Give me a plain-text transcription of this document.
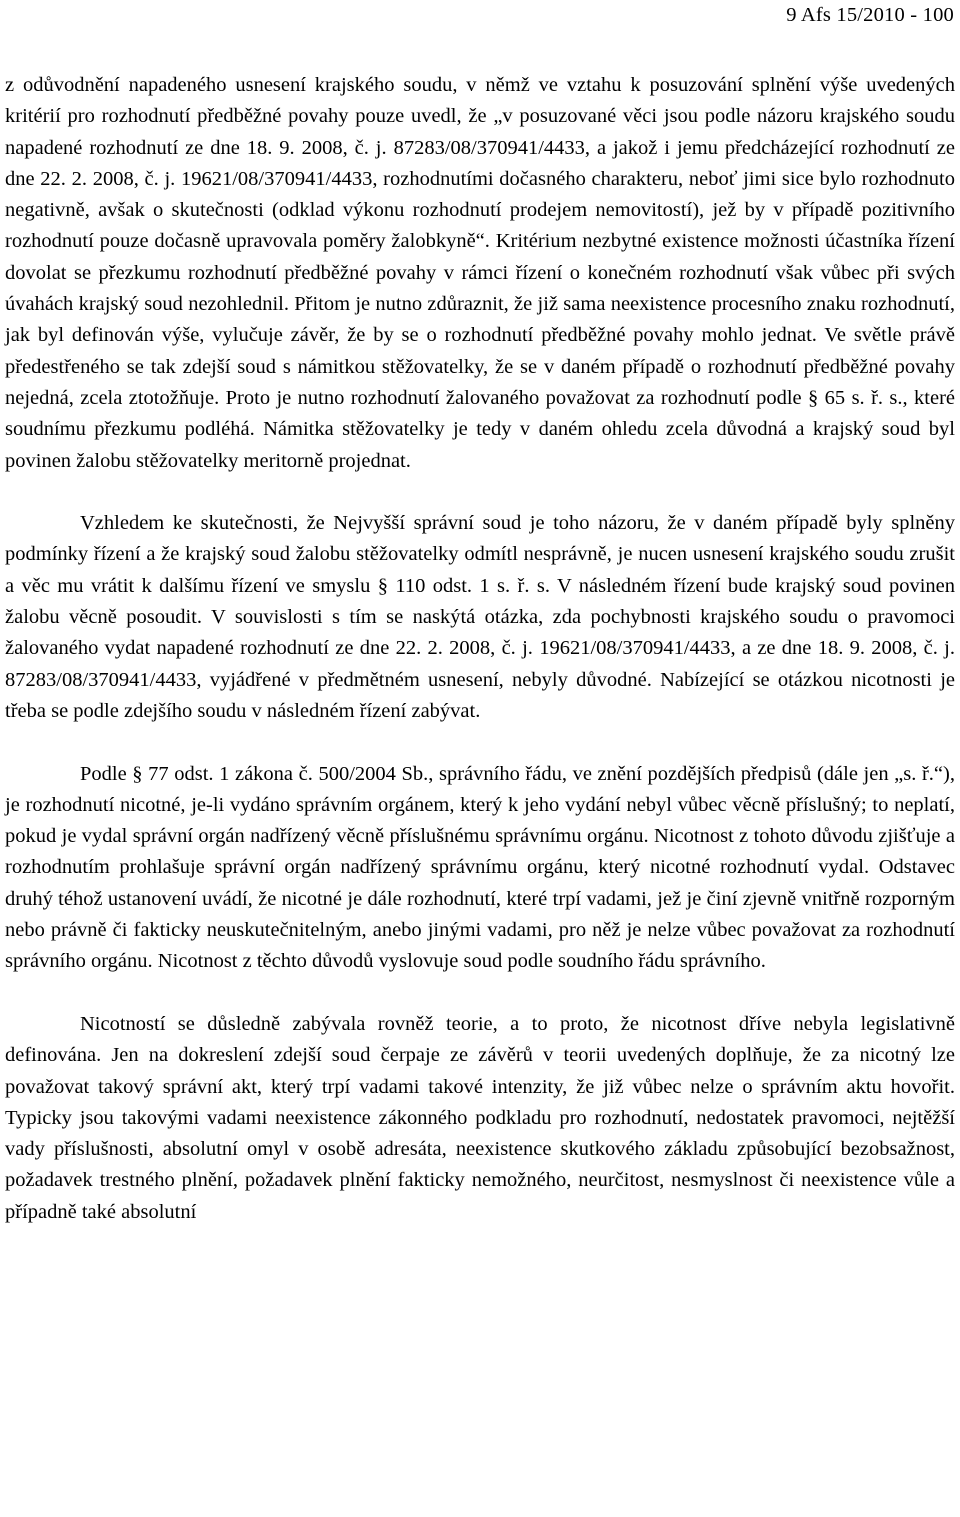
9 Afs 15/2010 - 100

z odůvodnění napadeného usnesení krajského soudu, v němž ve vztahu k posuzování splnění výše uvedených kritérií pro rozhodnutí předběžné povahy pouze uvedl, že „v posuzované věci jsou podle názoru krajského soudu napadené rozhodnutí ze dne 18. 9. 2008, č. j. 87283/08/370941/4433, a jakož i jemu předcházející rozhodnutí ze dne 22. 2. 2008, č. j. 19621/08/370941/4433, rozhodnutími dočasného charakteru, neboť jimi sice bylo rozhodnuto negativně, avšak o skutečnosti (odklad výkonu rozhodnutí prodejem nemovitostí), jež by v případě pozitivního rozhodnutí pouze dočasně upravovala poměry žalobkyně“. Kritérium nezbytné existence možnosti účastníka řízení dovolat se přezkumu rozhodnutí předběžné povahy v rámci řízení o konečném rozhodnutí však vůbec při svých úvahách krajský soud nezohlednil. Přitom je nutno zdůraznit, že již sama neexistence procesního znaku rozhodnutí, jak byl definován výše, vylučuje závěr, že by se o rozhodnutí předběžné povahy mohlo jednat. Ve světle právě předestřeného se tak zdejší soud s námitkou stěžovatelky, že se v daném případě o rozhodnutí předběžné povahy nejedná, zcela ztotožňuje. Proto je nutno rozhodnutí žalovaného považovat za rozhodnutí podle § 65 s. ř. s., které soudnímu přezkumu podléhá. Námitka stěžovatelky je tedy v daném ohledu zcela důvodná a krajský soud byl povinen žalobu stěžovatelky meritorně projednat.

Vzhledem ke skutečnosti, že Nejvyšší správní soud je toho názoru, že v daném případě byly splněny podmínky řízení a že krajský soud žalobu stěžovatelky odmítl nesprávně, je nucen usnesení krajského soudu zrušit a věc mu vrátit k dalšímu řízení ve smyslu § 110 odst. 1 s. ř. s. V následném řízení bude krajský soud povinen žalobu věcně posoudit. V souvislosti s tím se naskýtá otázka, zda pochybnosti krajského soudu o pravomoci žalovaného vydat napadené rozhodnutí ze dne 22. 2. 2008, č. j. 19621/08/370941/4433, a ze dne 18. 9. 2008, č. j. 87283/08/370941/4433, vyjádřené v předmětném usnesení, nebyly důvodné. Nabízející se otázkou nicotnosti je třeba se podle zdejšího soudu v následném řízení zabývat.

Podle § 77 odst. 1 zákona č. 500/2004 Sb., správního řádu, ve znění pozdějších předpisů (dále jen „s. ř.“), je rozhodnutí nicotné, je-li vydáno správním orgánem, který k jeho vydání nebyl vůbec věcně příslušný; to neplatí, pokud je vydal správní orgán nadřízený věcně příslušnému správnímu orgánu. Nicotnost z tohoto důvodu zjišťuje a rozhodnutím prohlašuje správní orgán nadřízený správnímu orgánu, který nicotné rozhodnutí vydal. Odstavec druhý téhož ustanovení uvádí, že nicotné je dále rozhodnutí, které trpí vadami, jež je činí zjevně vnitřně rozporným nebo právně či fakticky neuskutečnitelným, anebo jinými vadami, pro něž je nelze vůbec považovat za rozhodnutí správního orgánu. Nicotnost z těchto důvodů vyslovuje soud podle soudního řádu správního.

Nicotností se důsledně zabývala rovněž teorie, a to proto, že nicotnost dříve nebyla legislativně definována. Jen na dokreslení zdejší soud čerpaje ze závěrů v teorii uvedených doplňuje, že za nicotný lze považovat takový správní akt, který trpí vadami takové intenzity, že již vůbec nelze o správním aktu hovořit. Typicky jsou takovými vadami neexistence zákonného podkladu pro rozhodnutí, nedostatek pravomoci, nejtěžší vady příslušnosti, absolutní omyl v osobě adresáta, neexistence skutkového základu způsobující bezobsažnost, požadavek trestného plnění, požadavek plnění fakticky nemožného, neurčitost, nesmyslnost či neexistence vůle a případně také absolutní
